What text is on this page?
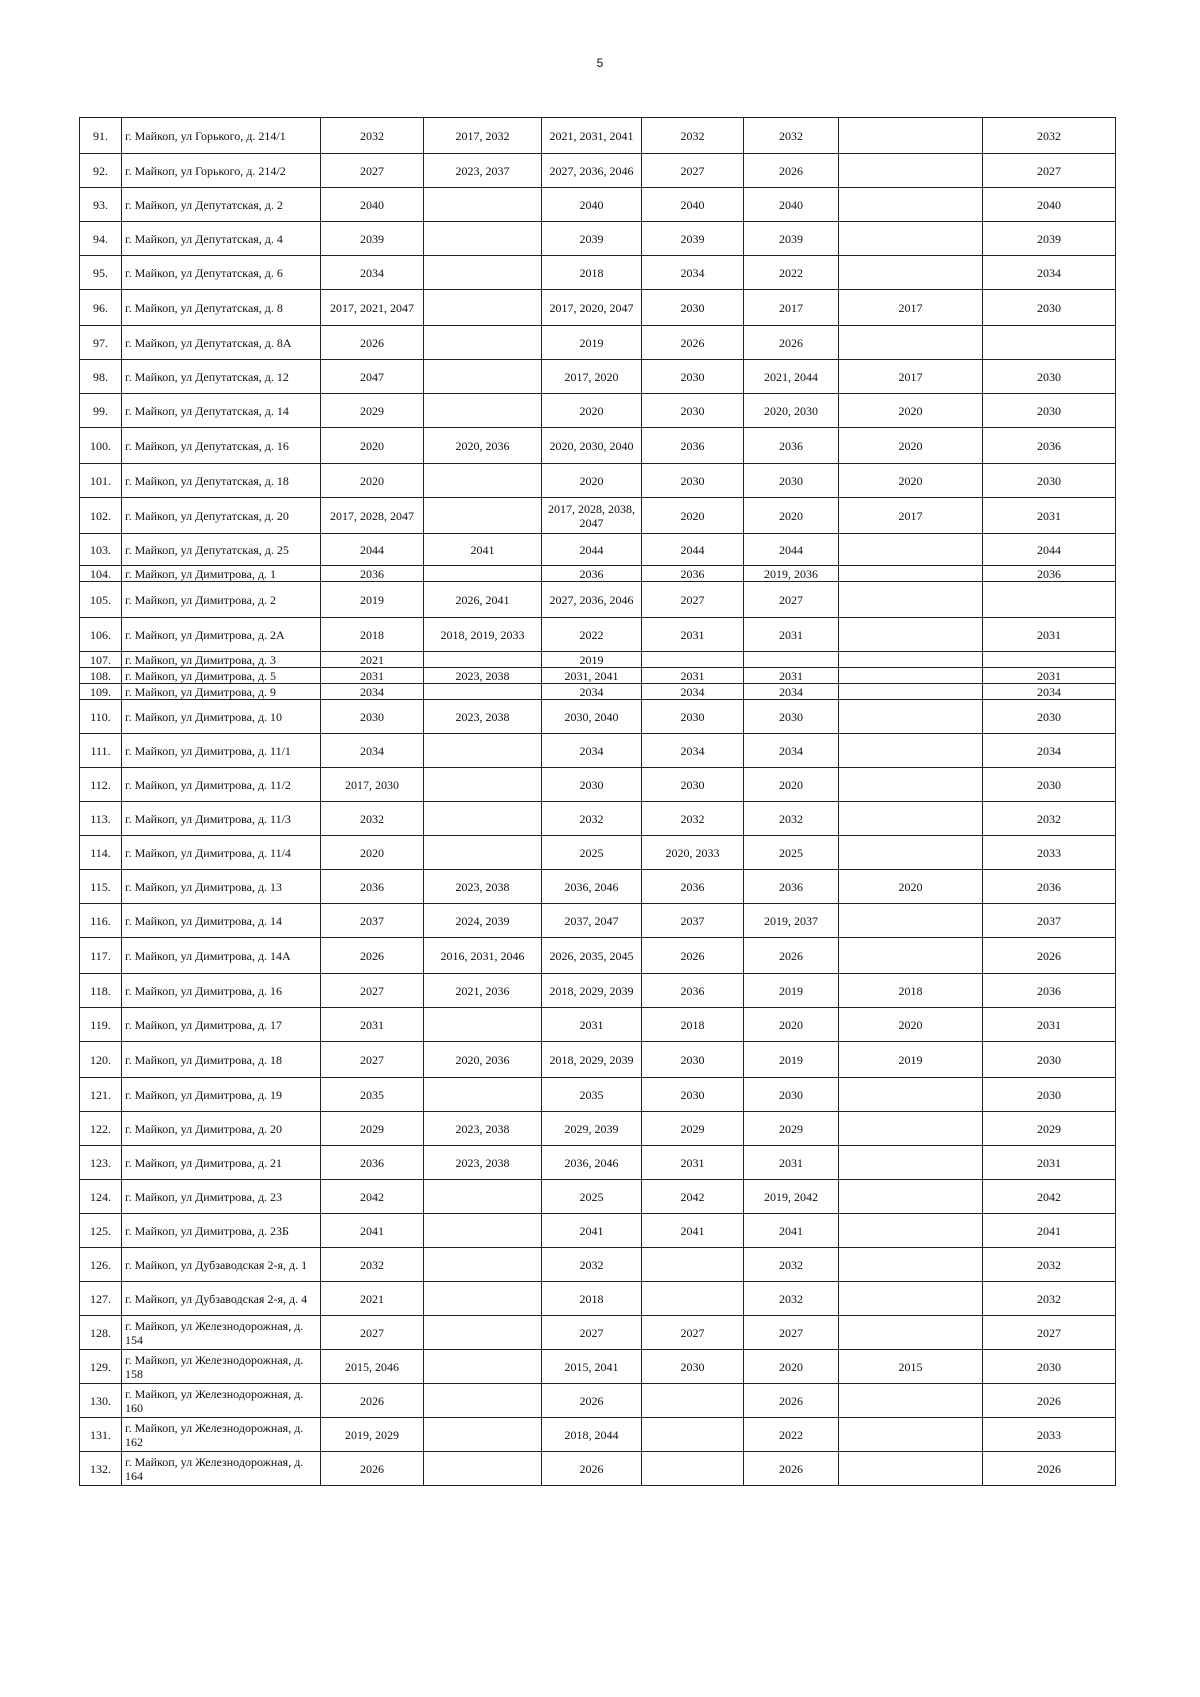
5
91.	г. Майкоп, ул Горького, д. 214/1	2032	2017, 2032	2021, 2031, 2041	2032	2032		2032
92.	г. Майкоп, ул Горького, д. 214/2	2027	2023, 2037	2027, 2036, 2046	2027	2026		2027
93.	г. Майкоп, ул Депутатская, д. 2	2040		2040	2040	2040		2040
94.	г. Майкоп, ул Депутатская, д. 4	2039		2039	2039	2039		2039
95.	г. Майкоп, ул Депутатская, д. 6	2034		2018	2034	2022		2034
96.	г. Майкоп, ул Депутатская, д. 8	2017, 2021, 2047		2017, 2020, 2047	2030	2017	2017	2030
97.	г. Майкоп, ул Депутатская, д. 8А	2026		2019	2026	2026		
98.	г. Майкоп, ул Депутатская, д. 12	2047		2017, 2020	2030	2021, 2044	2017	2030
99.	г. Майкоп, ул Депутатская, д. 14	2029		2020	2030	2020, 2030	2020	2030
100.	г. Майкоп, ул Депутатская, д. 16	2020	2020, 2036	2020, 2030, 2040	2036	2036	2020	2036
101.	г. Майкоп, ул Депутатская, д. 18	2020		2020	2030	2030	2020	2030
102.	г. Майкоп, ул Депутатская, д. 20	2017, 2028, 2047		2017, 2028, 2038, 2047	2020	2020	2017	2031
103.	г. Майкоп, ул Депутатская, д. 25	2044	2041	2044	2044	2044		2044
104.	г. Майкоп, ул Димитрова, д. 1	2036		2036	2036	2019, 2036		2036
105.	г. Майкоп, ул Димитрова, д. 2	2019	2026, 2041	2027, 2036, 2046	2027	2027		
106.	г. Майкоп, ул Димитрова, д. 2А	2018	2018, 2019, 2033	2022	2031	2031		2031
107.	г. Майкоп, ул Димитрова, д. 3	2021		2019				
108.	г. Майкоп, ул Димитрова, д. 5	2031	2023, 2038	2031, 2041	2031	2031		2031
109.	г. Майкоп, ул Димитрова, д. 9	2034		2034	2034	2034		2034
110.	г. Майкоп, ул Димитрова, д. 10	2030	2023, 2038	2030, 2040	2030	2030		2030
111.	г. Майкоп, ул Димитрова, д. 11/1	2034		2034	2034	2034		2034
112.	г. Майкоп, ул Димитрова, д. 11/2	2017, 2030		2030	2030	2020		2030
113.	г. Майкоп, ул Димитрова, д. 11/3	2032		2032	2032	2032		2032
114.	г. Майкоп, ул Димитрова, д. 11/4	2020		2025	2020, 2033	2025		2033
115.	г. Майкоп, ул Димитрова, д. 13	2036	2023, 2038	2036, 2046	2036	2036	2020	2036
116.	г. Майкоп, ул Димитрова, д. 14	2037	2024, 2039	2037, 2047	2037	2019, 2037		2037
117.	г. Майкоп, ул Димитрова, д. 14А	2026	2016, 2031, 2046	2026, 2035, 2045	2026	2026		2026
118.	г. Майкоп, ул Димитрова, д. 16	2027	2021, 2036	2018, 2029, 2039	2036	2019	2018	2036
119.	г. Майкоп, ул Димитрова, д. 17	2031		2031	2018	2020	2020	2031
120.	г. Майкоп, ул Димитрова, д. 18	2027	2020, 2036	2018, 2029, 2039	2030	2019	2019	2030
121.	г. Майкоп, ул Димитрова, д. 19	2035		2035	2030	2030		2030
122.	г. Майкоп, ул Димитрова, д. 20	2029	2023, 2038	2029, 2039	2029	2029		2029
123.	г. Майкоп, ул Димитрова, д. 21	2036	2023, 2038	2036, 2046	2031	2031		2031
124.	г. Майкоп, ул Димитрова, д. 23	2042		2025	2042	2019, 2042		2042
125.	г. Майкоп, ул Димитрова, д. 23Б	2041		2041	2041	2041		2041
126.	г. Майкоп, ул Дубзаводская 2-я, д. 1	2032		2032		2032		2032
127.	г. Майкоп, ул Дубзаводская 2-я, д. 4	2021		2018		2032		2032
128.	г. Майкоп, ул Железнодорожная, д. 154	2027		2027	2027	2027		2027
129.	г. Майкоп, ул Железнодорожная, д. 158	2015, 2046		2015, 2041	2030	2020	2015	2030
130.	г. Майкоп, ул Железнодорожная, д. 160	2026		2026		2026		2026
131.	г. Майкоп, ул Железнодорожная, д. 162	2019, 2029		2018, 2044		2022		2033
132.	г. Майкоп, ул Железнодорожная, д. 164	2026		2026		2026		2026
